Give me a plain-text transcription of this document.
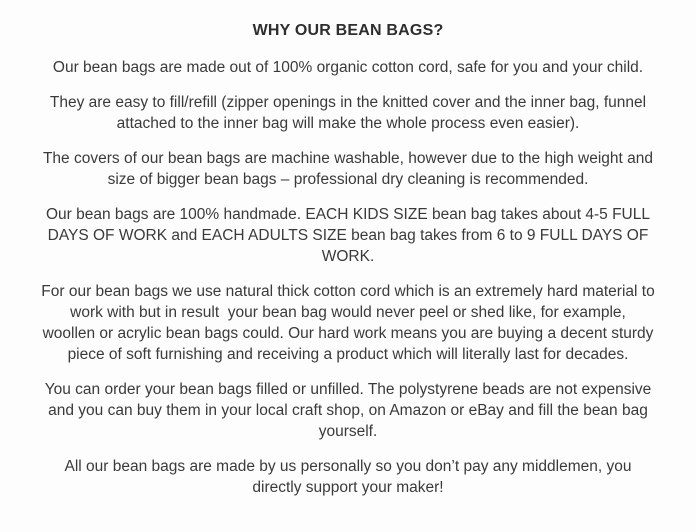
WHY OUR BEAN BAGS?

Our bean bags are made out of 100% organic cotton cord, safe for you and your child.

They are easy to fill/refill (zipper openings in the knitted cover and the inner bag, funnel
attached to the inner bag will make the whole process even easier).

The covers of our bean bags are machine washable, however due to the high weight and
size of bigger bean bags – professional dry cleaning is recommended.

Our bean bags are 100% handmade. EACH KIDS SIZE bean bag takes about 4-5 FULL
DAYS OF WORK and EACH ADULTS SIZE bean bag takes from 6 to 9 FULL DAYS OF
WORK.

For our bean bags we use natural thick cotton cord which is an extremely hard material to
work with but in result  your bean bag would never peel or shed like, for example,
woollen or acrylic bean bags could. Our hard work means you are buying a decent sturdy
piece of soft furnishing and receiving a product which will literally last for decades.

You can order your bean bags filled or unfilled. The polystyrene beads are not expensive
and you can buy them in your local craft shop, on Amazon or eBay and fill the bean bag
yourself.

All our bean bags are made by us personally so you don’t pay any middlemen, you
directly support your maker!
